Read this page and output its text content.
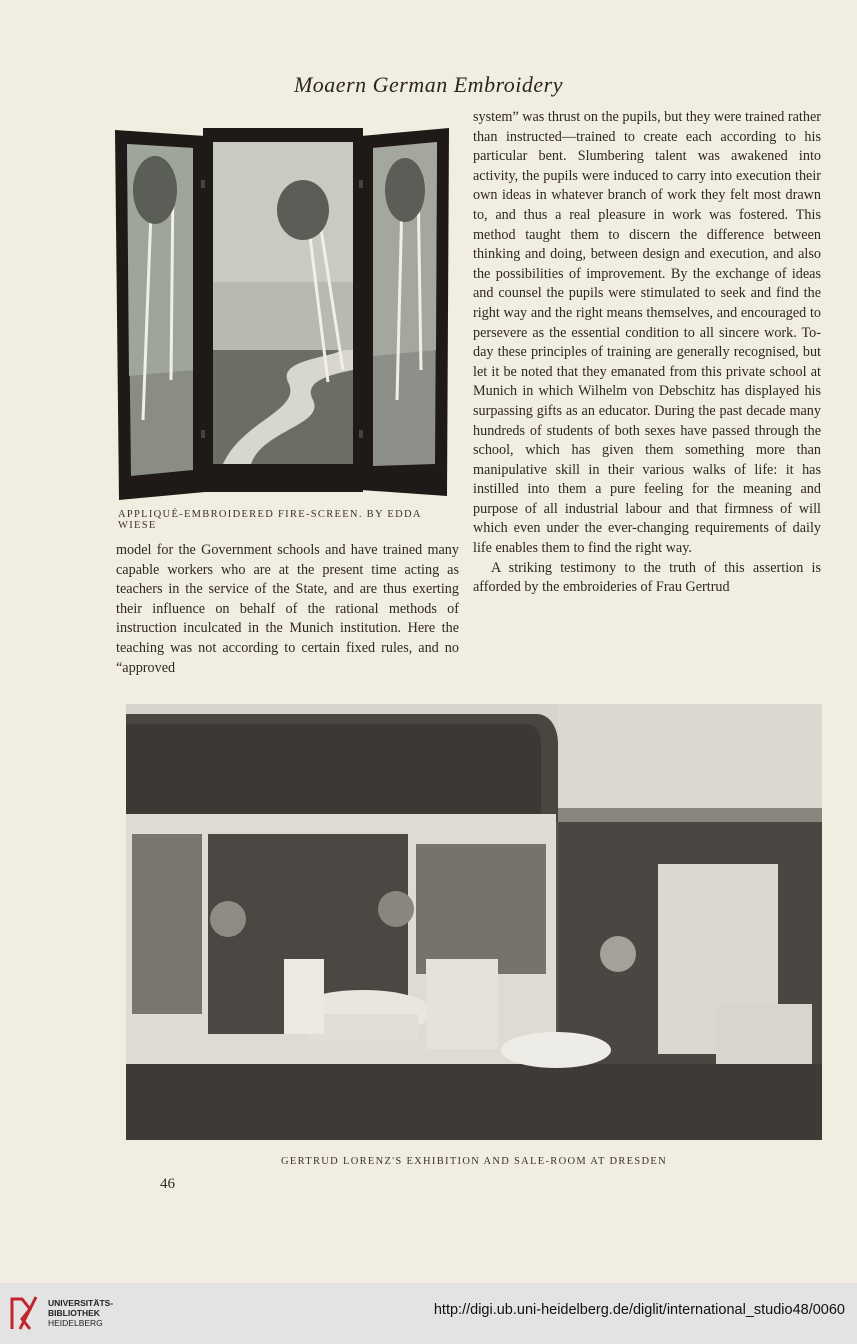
Moaern German Embroidery
APPLIQUÉ-EMBROIDERED FIRE-SCREEN. BY EDDA WIESE

system” was thrust on the pupils, but they were trained rather than instructed—trained to create each according to his particular bent. Slumbering talent was awakened into activity, the pupils were induced to carry into execution their own ideas in whatever branch of work they felt most drawn to, and thus a real pleasure in work was fostered. This method taught them to discern the difference between thinking and doing, between design and execution, and also the possibilities of improvement. By the exchange of ideas and counsel the pupils were stimulated to seek and find the right way and the right means themselves, and encouraged to persevere as the essential condition to all sincere work. To-day these principles of training are generally recognised, but let it be noted that they emanated from this private school at Munich in which Wilhelm von Debschitz has displayed his surpassing gifts as an educator. During the past decade many hundreds of students of both sexes have passed through the school, which has given them something more than manipulative skill in their various walks of life: it has instilled into them a pure feeling for the meaning and purpose of all industrial labour and that firmness of will which even under the ever-changing requirements of daily life enables them to find the right way.

A striking testimony to the truth of this assertion is afforded by the embroideries of Frau Gertrud

model for the Government schools and have trained many capable workers who are at the present time acting as teachers in the service of the State, and are thus exerting their influence on behalf of the rational methods of instruction inculcated in the Munich institution. Here the teaching was not according to certain fixed rules, and no “approved

GERTRUD LORENZ'S EXHIBITION AND SALE-ROOM AT DRESDEN
46
UNIVERSITÄTS-
BIBLIOTHEK
HEIDELBERG
http://digi.ub.uni-heidelberg.de/diglit/international_studio48/0060
